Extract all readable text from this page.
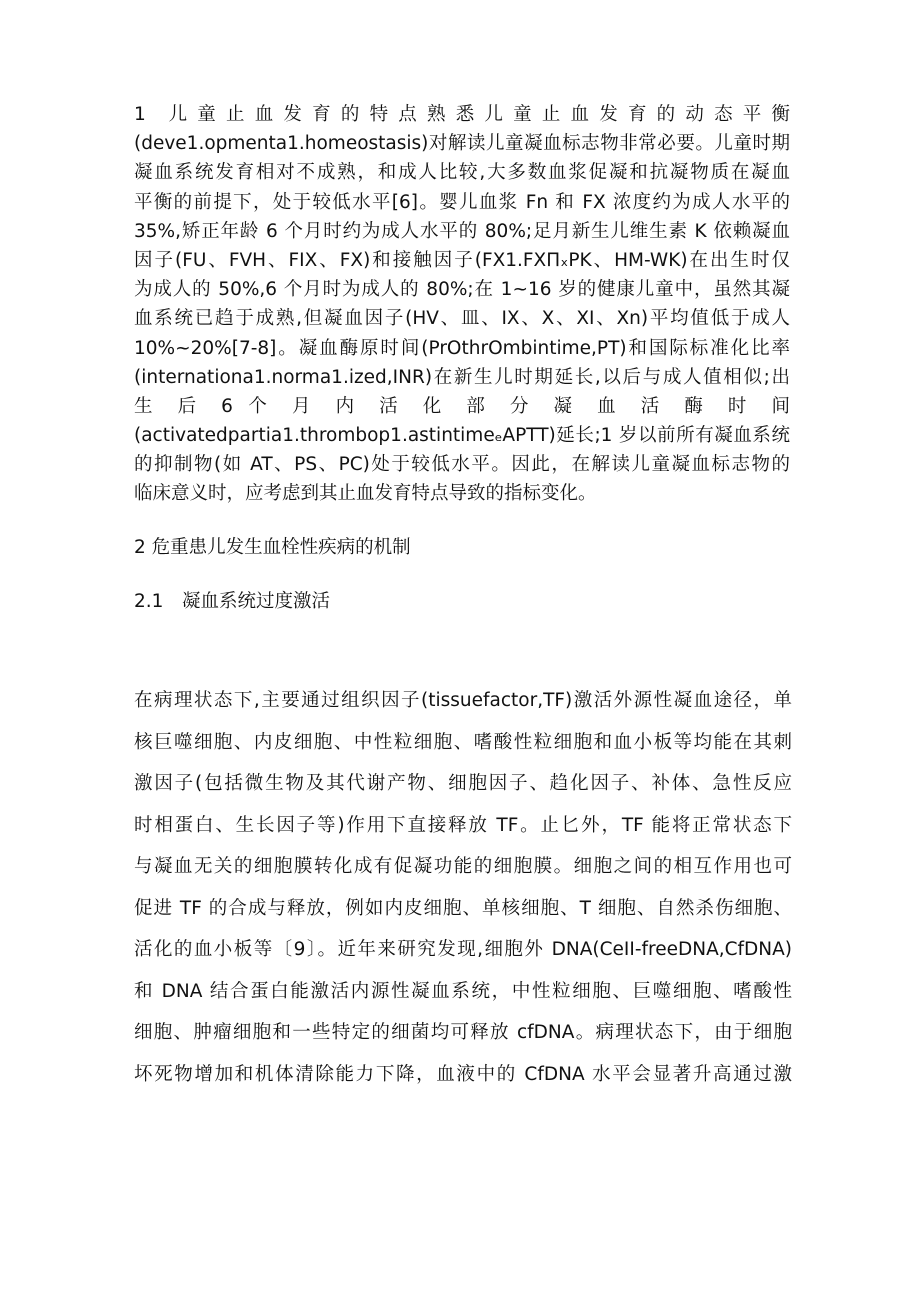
1　儿 童 止 血 发 育 的 特 点 熟 悉 儿 童 止 血 发 育 的 动 态 平 衡
(deve1.opmenta1.homeostasis)对解读儿童凝血标志物非常必要。儿童时期
凝血系统发育相对不成熟，和成人比较,大多数血浆促凝和抗凝物质在凝血
平衡的前提下，处于较低水平[6]。婴儿血浆 Fn 和 FX 浓度约为成人水平的
35%,矫正年龄 6 个月时约为成人水平的 80%;足月新生儿维生素 K 依赖凝血
因子(FU、FVH、FIX、FX)和接触因子(FX1.FXΠₓPK、HM-WK)在出生时仅
为成人的 50%,6 个月时为成人的 80%;在 1~16 岁的健康儿童中，虽然其凝
血系统已趋于成熟,但凝血因子(HV、皿、IX、X、XI、Xn)平均值低于成人
10%~20%[7-8]。凝血酶原时间(PrOthrOmbintime,PT)和国际标准化比率
(internationa1.norma1.ized,INR)在新生儿时期延长,以后与成人值相似;出
生 后 6 个 月 内 活 化 部 分 凝 血 活 酶 时 间
(activatedpartia1.thrombop1.astintimeₑAPTT)延长;1 岁以前所有凝血系统
的抑制物(如 AT、PS、PC)处于较低水平。因此，在解读儿童凝血标志物的
临床意义时，应考虑到其止血发育特点导致的指标变化。
2 危重患儿发生血栓性疾病的机制
2.1 凝血系统过度激活
在病理状态下,主要通过组织因子(tissuefactor,TF)激活外源性凝血途径，单
核巨噬细胞、内皮细胞、中性粒细胞、嗜酸性粒细胞和血小板等均能在其刺
激因子(包括微生物及其代谢产物、细胞因子、趋化因子、补体、急性反应
时相蛋白、生长因子等)作用下直接释放 TF。止匕外，TF 能将正常状态下
与凝血无关的细胞膜转化成有促凝功能的细胞膜。细胞之间的相互作用也可
促进 TF 的合成与释放，例如内皮细胞、单核细胞、T 细胞、自然杀伤细胞、
活化的血小板等〔9〕。近年来研究发现,细胞外 DNA(CeII-freeDNA,CfDNA)
和 DNA 结合蛋白能激活内源性凝血系统，中性粒细胞、巨噬细胞、嗜酸性
细胞、肿瘤细胞和一些特定的细菌均可释放 cfDNA。病理状态下，由于细胞
坏死物增加和机体清除能力下降，血液中的 CfDNA 水平会显著升高通过激
